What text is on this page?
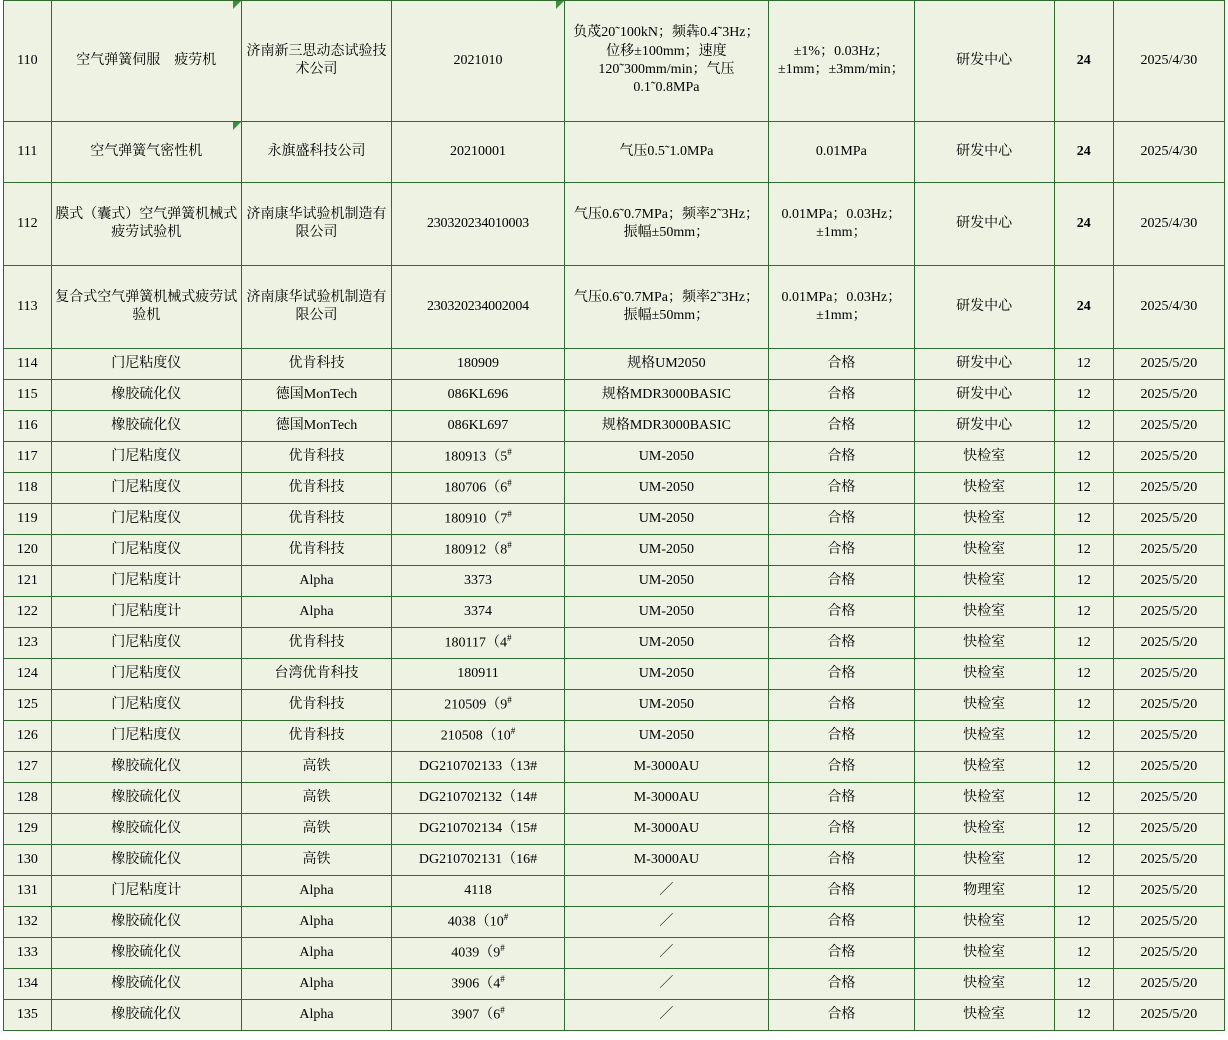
110	空气弹簧伺服　疲劳机	济南新三思动态试验技术公司	2021010	负荗20˜100kN；频犇0.4˜3Hz；位移±100mm；速度120˜300mm/min；气压0.1˜0.8MPa	±1%；0.03Hz；±1mm；±3mm/min；	研发中心	24	2025/4/30
111	空气弹簧气密性机	永旗盛科技公司	20210001	气压0.5˜1.0MPa	0.01MPa	研发中心	24	2025/4/30
112	膜式（囊式）空气弹簧机械式疲劳试验机	济南康华试验机制造有限公司	230320234010003	气压0.6˜0.7MPa；频率2˜3Hz；振幅±50mm；	0.01MPa；0.03Hz；±1mm；	研发中心	24	2025/4/30
113	复合式空气弹簧机械式疲劳试验机	济南康华试验机制造有限公司	230320234002004	气压0.6˜0.7MPa；频率2˜3Hz；振幅±50mm；	0.01MPa；0.03Hz；±1mm；	研发中心	24	2025/4/30
114	门尼粘度仪	优肯科技	180909	规格UM2050	合格	研发中心	12	2025/5/20
115	橡胶硫化仪	德国MonTech	086KL696	规格MDR3000BASIC	合格	研发中心	12	2025/5/20
116	橡胶硫化仪	德国MonTech	086KL697	规格MDR3000BASIC	合格	研发中心	12	2025/5/20
117	门尼粘度仪	优肯科技	180913（5#	UM-2050	合格	快检室	12	2025/5/20
118	门尼粘度仪	优肯科技	180706（6#	UM-2050	合格	快检室	12	2025/5/20
119	门尼粘度仪	优肯科技	180910（7#	UM-2050	合格	快检室	12	2025/5/20
120	门尼粘度仪	优肯科技	180912（8#	UM-2050	合格	快检室	12	2025/5/20
121	门尼粘度计	Alpha	3373	UM-2050	合格	快检室	12	2025/5/20
122	门尼粘度计	Alpha	3374	UM-2050	合格	快检室	12	2025/5/20
123	门尼粘度仪	优肯科技	180117（4#	UM-2050	合格	快检室	12	2025/5/20
124	门尼粘度仪	台湾优肯科技	180911	UM-2050	合格	快检室	12	2025/5/20
125	门尼粘度仪	优肯科技	210509（9#	UM-2050	合格	快检室	12	2025/5/20
126	门尼粘度仪	优肯科技	210508（10#	UM-2050	合格	快检室	12	2025/5/20
127	橡胶硫化仪	高铁	DG210702133（13#	M-3000AU	合格	快检室	12	2025/5/20
128	橡胶硫化仪	高铁	DG210702132（14#	M-3000AU	合格	快检室	12	2025/5/20
129	橡胶硫化仪	高铁	DG210702134（15#	M-3000AU	合格	快检室	12	2025/5/20
130	橡胶硫化仪	高铁	DG210702131（16#	M-3000AU	合格	快检室	12	2025/5/20
131	门尼粘度计	Alpha	4118	／	合格	物理室	12	2025/5/20
132	橡胶硫化仪	Alpha	4038（10#	／	合格	快检室	12	2025/5/20
133	橡胶硫化仪	Alpha	4039（9#	／	合格	快检室	12	2025/5/20
134	橡胶硫化仪	Alpha	3906（4#	／	合格	快检室	12	2025/5/20
135	橡胶硫化仪	Alpha	3907（6#	／	合格	快检室	12	2025/5/20
